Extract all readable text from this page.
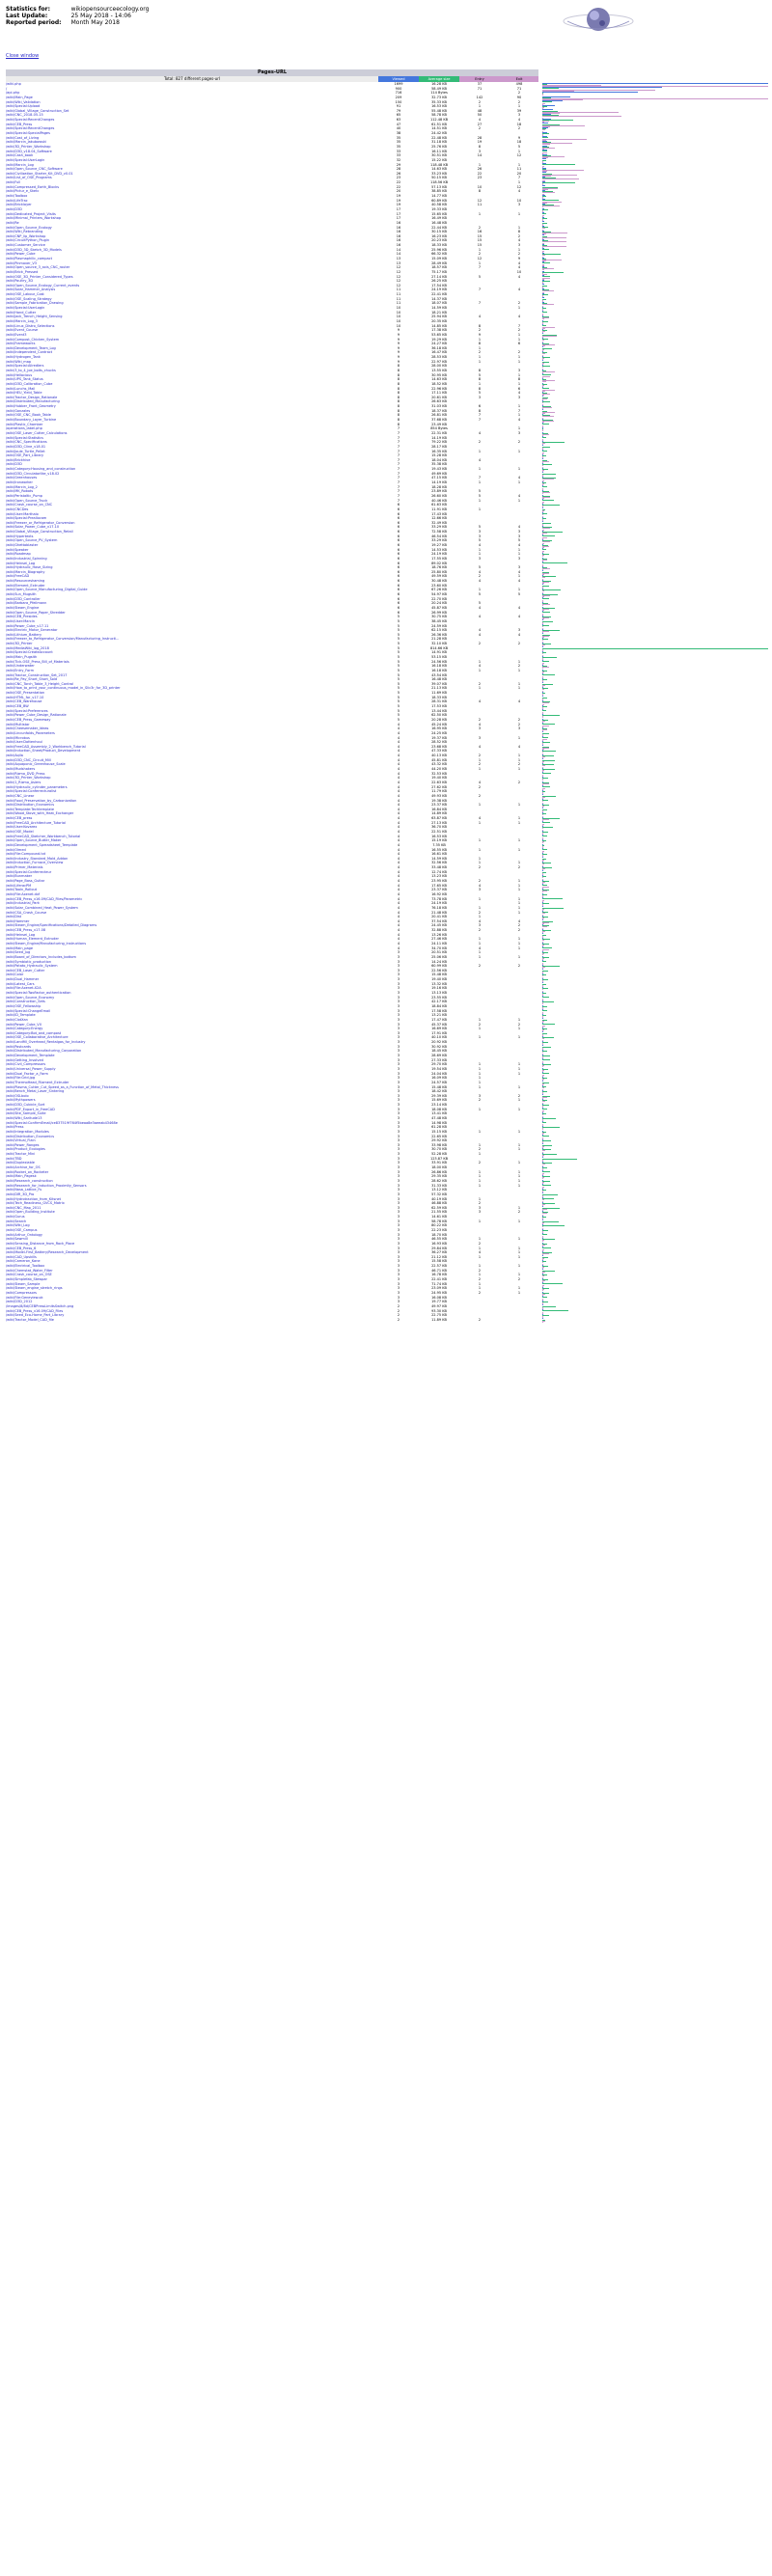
Statistics for:	wikiopensourceecology.org
Last Update:	25 May 2018 - 14:06
Reported period:	Month May 2018
Close window
Pages-URL
Total: 827 different pages-url	Viewed	Average size	Entry	Exit
/wiki.php	1699	16.28 KB	37	498
/	900	58.49 KB	71	71
/api.php	716	114 Bytes	2
/wiki/Main_Page	209	32.73 KB	142	90
/wiki/Wiki_Validation	150	35.33 KB	2	2
/wiki/Special:Upload	91	16.53 KB	1	1
/wiki/Global_Village_Construction_Set	79	55.48 KB	48	39
/wiki/CNC_2018-05-15	65	58.78 KB	50	3
/wiki/Special:RecentChanges	63	112.48 KB	4	4
/wiki/CEB_Press	47	61.51 KB	27	18
/wiki/Special:RecentChanges	40	14.51 KB	2	2
/wiki/Special:SpecialPages	38	24.42 KB
/wiki/Cost_of_Living	35	22.48 KB	28	9
/wiki/Marcin_Jakubowski	35	31.18 KB	19	18
/wiki/3D_Printer_Workshop	35	25.76 KB	8	5
/wiki/D3D_v18.04_Software	33	16.11 KB	3	1
/wiki/Cash_book	33	30.51 KB	14	12
/wiki/Special:UserLogin	32	15.22 KB
/wiki/Marcin_Log	29	118.48 KB	1	1
/wiki/Open_Source_CNC_Software	28	14.63 KB	26	11
/wiki/Civilization_Starter_Kit_DVD_v0.01	26	33.23 KB	22	20
/wiki/List_of_OSE_Programs	23	50.15 KB	23	7
/wiki/Full	22	118.56 KB	1
/wiki/Compressed_Earth_Blocks	22	57.13 KB	10	12
/wiki/Pictur_e_Sketc	20	38.85 KB	8	4
/wiki/Toolbox	19	14.77 KB
/wiki/LifeTrac	19	60.89 KB	12	10
/wiki/Bricklayer	19	40.58 KB	11	3
/wiki/D3D	17	19.33 KB
/wiki/Dedicated_Project_Visits	17	15.65 KB	1	1
/wiki/Minimal_Printers_Workshop	17	16.49 KB
/wiki/Re	16	16.48 KB
/wiki/Open_Source_Ecology	16	22.44 KB	2	1
/wiki/Wiki_Rebranding	16	30.15 KB	16	8
/wiki/CNP_lip_Workshop	16	16.23 KB	15	2
/wiki/CircuitPython_Plugin	16	20.23 KB	15	4
/wiki/Customer_Service	16	18.33 KB	15	3
/wiki/D3D_3D_Sketch_3D_Models	14	25.96 KB	1	1
/wiki/Power_Cube	14	66.32 KB	2	2
/wiki/Plasmaphilic_compact	13	15.09 KB	12	9
/wiki/Pinmover_V3	13	28.49 KB	1	4
/wiki/Open_source_3_axis_CNC_router	12	18.57 KB	7	4
/wiki/Brick_Pressed	12	75.17 KB	10
/wiki/OSE_3D_Printer_Considered_Types	12	27.14 KB	5	4
/wiki/Poultry_3D	12	26.25 KB
/wiki/Open_Source_Ecology_Current_events	12	17.54 KB
/wiki/Solar_Hammer_Analysis	11	24.19 KB	7	4
/wiki/OSE_Labour_Cost	11	22.41 KB
/wiki/OSE_Scaling_Strategy	11	14.37 KB
/wiki/Sample_Fabrication_Drawing	11	18.07 KB	7	2
/wiki/Special:UserLogin	10	14.59 KB	1
/wiki/Hand_Cutter	10	18.21 KB
/wiki/Jack_Trench_Height_Sensing	10	25.94 KB	4	4
/wiki/Marcin_Log_3	10	20.35 KB
/wiki/Linux_Distro_Selections	10	14.85 KB	8	7
/wiki/Event_Course	9	17.38 KB	2	2
/wiki/Event3	9	53.65 KB	9	1
/wiki/Compost_Chicken_System	9	19.29 KB	1	1
/wiki/Frameworks	9	24.27 KB	8	6
/wiki/Development_Team_Log	9	36.18 KB	1
/wiki/Independent_Contract	9	16.47 KB	2	2
/wiki/Hydrogen_Tank	9	28.53 KB	1	1
/wiki/Wiki_map	9	22.97 KB	1	1
/wiki/Special:Allredlers	8	28.00 KB
/wiki/3_to_4_joe_bolts_chucks	8	13.55 KB	8	3
/wiki/Hellacious	8	30.95 KB	5	1
/wiki/UPS_Tank_Status	8	14.63 KB	8	8
/wiki/D3D_Calibration_Cube	8	18.52 KB	1	1
/wiki/Lunchs_Mail	8	22.96 KB	8	6
/wiki/HEU_Yield_Table	8	17.11 KB	5	4
/wiki/Tractor_Design_Rationale	8	20.61 KB	3	3
/wiki/Distributed_Manufacturing	8	26.63 KB
/wiki/Hubber_Front_Geometry	8	31.03 KB	6	1
/wiki/Gonzales	8	18.37 KB	8	7
/wiki/OSE_CNC_Book_Table	8	26.81 KB	7	1
/wiki/Boundary_Layer_Turbine	8	37.68 KB	7	4
/wiki/Plastic_Chamber	8	23.49 KB
/operations_label.php	7	854 Bytes	1
/wiki/OSE_Laser_Cutter_Calculations	7	22.31 KB	4	3
/wiki/Special:Statistics	7	14.19 KB
/wiki/CNC_Specifications	7	79.22 KB	2	2
/wiki/D3D_Cline_v18.01	7	28.17 KB
/wiki/Joule_Turtle_Pellet	7	16.35 KB	1	1
/wiki/OSE_Part_Library	7	15.28 KB
/wiki/Brickhive	7	18.04 KB	4
/wiki/D3D	7	35.38 KB
/wiki/Category:Housing_and_construction	7	19.43 KB	1	1
/wiki/D3D_Circulatorlike_v18.02	7	49.69 KB
/wiki/Greenhouses	7	47.15 KB	7	4
/wiki/Ironworker	7	14.19 KB	1	1
/wiki/Marcin_Log_2	7	18.28 KB
/wiki/MK_Robots	7	23.89 KB	5
/wiki/Peristaltic_Pump	7	26.60 KB	5	4
/wiki/Open_Source_Truck	7	40.46 KB	1	1
/wiki/Crash_course_on_CNC	6	61.63 KB
/wiki/CNCDes	6	11.91 KB	1
/wiki/User:Marthalo	6	17.43 KB
/wiki/Special:Preallocam	6	12.66 KB
/wiki/Freezer_or_Refrigerator_Conversion	6	32.49 KB
/wiki/Solar_Power_Cube_v17.10	6	33.29 KB	5	4
/wiki/Global_Village_Construction_Retail	6	72.58 KB	3	3
/wiki/Hypertexts	6	46.54 KB	3	3
/wiki/Open_Source_PV_System	6	33.29 KB	5	5
/wiki/Ghettoblaster	6	19.27 KB	4	4
/wiki/Speaker	6	14.53 KB	1	1
/wiki/Roadmap	6	24.19 KB	1	1
/wiki/Industrial_Spinning	6	17.55 KB	3	3
/wiki/Heinsei_Log	6	89.02 KB
/wiki/Hydraulic_Hose_Sizing	6	18.76 KB	5	3
/wiki/Marcin_Biography	6	25.80 KB	4	4
/wiki/FreeCAD	6	49.59 KB	2	1
/wiki/Resourceshaming	6	30.48 KB	4	4
/wiki/Element_Extruder	6	23.60 KB
/wiki/Open_Source_Manufacturing_Digital_Guide	6	67.26 KB	1	1
/wiki/Sun_Mugsith	6	54.97 KB	5	5
/wiki/D3D_Controller	6	22.70 KB
/wiki/Barbara_Pfeilmann	6	20.24 KB	5
/wiki/Steam_Engine	6	45.87 KB	4	4
/wiki/Open_Source_Paper_Shredder	6	26.99 KB
/wiki/CEB_Presides	5	30.75 KB	4	4
/wiki/User:Marcin	5	38.45 KB
/wiki/Power_Cube_v17.11	5	24.59 KB
/wiki/Electric_Motor_Generator	5	62.15 KB	4	3
/wiki/Lithium_Battery	5	26.36 KB	4	4
/wiki/Freezer_to_Refrigerator_Conversion/Manufacturing_Instructi...	5	21.28 KB
/wiki/3D_Printer	5	32.10 KB	2	2
/wiki/MediaWiki_log_2018	5	814.66 KB
/wiki/Special:CreateAccount	5	14.91 KB
/wiki/Main_Pugsith	5	53.15 KB
/wiki/Tick-OSE_Press_Bill_of_Materials	5	24.56 KB	1	1
/wiki/Underwater	5	16.18 KB	4	2
/wiki/Entry_Form	5	16.18 KB	1	1
/wiki/Tractor_Construction_Set_2017	5	43.54 KB
/wiki/Re_Pay_Short_Short_Sold	5	16.48 KB
/wiki/CNC_Torch_Table_3_Height_Control	5	39.07 KB	2	1
/wiki/How_to_print_your_continuous_model_in_Slic3r_for_3D_printer	5	21.13 KB	1	1
/wiki/OSE_Presentation	5	11.69 KB
/wiki/HTML_for_v17.10	5	18.33 KB
/wiki/CEB_Warehouse	5	28.31 KB	4	4
/wiki/CEB_BW	5	17.53 KB
/wiki/Special:Preferences	5	13.44 KB
/wiki/Power_Cube_Design_Rationale	5	62.50 KB
/wiki/CEB_Press_Gameway	5	20.28 KB	2	2
/wiki/Multistar	4	45.24 KB	4	2
/wiki/Cheesemaker_Ideas	4	16.95 KB	3	3
/wiki/Lincunfolds_Parameters	4	24.25 KB
/wiki/Microbus	4	19.37 KB	3	1
/wiki/User:Dottenhoul	4	28.52 KB
/wiki/FreeCAD_Assembly_2_Workbench_Tutorial	4	23.68 KB	4	4
/wiki/Induction_Sheet/Product_Development	4	47.33 KB
/wiki/Aqila	4	40.13 KB	2	1
/wiki/D3D_CNC_Circuit_Mill	4	45.81 KB	1	1
/wiki/Aquaponic_Greenhouse_Scale	4	43.32 KB	2	2
/wiki/Mudshakers	4	44.20 KB	1	1
/wiki/Rizmo_DVD_Press	4	32.53 KB
/wiki/3D_Printer_Workshop	4	19.40 KB
/wiki/1_Rizmo_Asiers	4	22.63 KB	4	2
/wiki/Hydraulic_cylinder_parameters	4	27.62 KB	2
/wiki/Special:Conferrecturalist	4	11.79 KB
/wiki/CNC_Linear	4	49.93 KB	2
/wiki/Food_Preservation_by_Carbonization	4	19.38 KB
/wiki/Distribution_Economics	4	23.37 KB	1	1
/wiki/Template:Techtemplate	4	16.84 KB
/wiki/Wood_Stove_with_Heat_Exchanger	4	14.89 KB
/wiki/CEB_press	4	63.87 KB	4	1
/wiki/FreeCAD_Architecture_Tutorial	4	27.13 KB	1	1
/wiki/User:Kovarex	4	36.70 KB
/wiki/OSE_Model	4	22.51 KB
/wiki/FreeCAD_Sketcher_Workbench_Tutorial	4	16.53 KB
/wiki/Open_Source_Butter_Maker	4	15.19 KB	1	1
/wiki/Development_Spreadsheet_Template	4	7.35 KB
/wiki/Olmed	4	16.55 KB	1	1
/wiki/File:Compound.txt	4	16.61 KB
/wiki/Industry_Standard_Mold_Addon	4	14.59 KB	1
/wiki/Induction_Furnace_Overview	4	32.56 KB	1	1
/wiki/Primer_Materials	4	33.48 KB	2	2
/wiki/Special:Conferrecteur	4	12.74 KB
/wiki/Bunmaker	4	13.23 KB
/wiki/Page_Bass_Guitar	4	23.95 KB	2	1
/wiki/LiferacPM	4	17.65 KB	4	1
/wiki/Tooln_Rollout	4	23.37 KB	3	1
/wiki/File:Axenet.dxf	4	16.92 KB
/wiki/CEB_Press_v16.09/CAD_Files/Parametric	4	73.78 KB	1	1
/wiki/Industrial_Park	4	24.19 KB	1
/wiki/Solar_Combined_Heat_Power_System	4	76.18 KB	1	1
/wiki/CSA_Crash_Course	4	21.48 KB	2	1
/wiki/Dist	4	20.41 KB	1
/wiki/Hammer	4	37.54 KB	4	4
/wiki/Steam_Engine/Specifications/Detailed_Diagrams	4	24.45 KB	3	2
/wiki/CEB_Press_v17.08	4	32.88 KB	2	2
/wiki/Heinsei_Log	4	13.26 KB
/wiki/Human_Element_Extruder	4	27.46 KB	1	1
/wiki/Steam_Engine/Manufacturing_Instructions	4	24.11 KB	1	1
/wiki/Main_page	4	34.70 KB	4	1
/wiki/Seed_Jug	3	20.51 KB	1
/wiki/Board_of_Directors_Includes_bottom	3	25.06 KB	1	1
/wiki/Symbiotic_production	3	14.24 KB
/wiki/Potato_Hydraulic_System	3	60.99 KB	2	2
/wiki/CEB_Laser_Cutter	3	22.56 KB
/wiki/Color	3	15.48 KB
/wiki/Dual_Hammer	3	19.40 KB
/wiki/Latest_Cars	3	13.32 KB
/wiki/File:Axenet-X2A	3	19.16 KB
/wiki/Special:TwoFactor_authentication	3	13.13 KB
/wiki/Open_Source_Economy	3	23.55 KB
/wiki/Construction_Sets	3	42.17 KB
/wiki/OSE_Fellowship	3	18.84 KB
/wiki/Special:ChangeEmail	3	17.58 KB
/wiki/ID_Template	3	13.21 KB
/wiki/ClotXan	3	17.47 KB	1	1
/wiki/Power_Cube_VII	3	45.37 KB	2	2
/wiki/Category:Energy	3	16.69 KB	1	1
/wiki/Category:Bot_and_compost	3	17.91 KB
/wiki/OSE_Collaborative_Architecture	3	40.10 KB	1	1
/wiki/Landfill_Overhead_Rentalgas_for_Industry	3	20.92 KB
/wiki/Postcards	3	30.92 KB
/wiki/Distributed_Manufacturing_Corporation	3	18.45 KB
/wiki/Development_Template	3	28.69 KB
/wiki/Getting_Involved	3	27.33 KB
/wiki/Civil_Compressors	3	29.70 KB	1	1
/wiki/Universal_Power_Supply	3	19.54 KB	1	1
/wiki/Dual_Factor_a_Farm	3	24.04 KB	1	1
/wiki/File:Grid.jpg	3	16.09 KB	1
/wiki/ThermoHead_Filament_Extruder	3	24.57 KB	1
/wiki/Plasma_Cutter_Cut_Speed_as_a_Function_of_Metal_Thickness	3	15.48 KB	1	1
/wiki/Bench_Metal_Laser_Sintering	3	18.42 KB
/wiki/OSLbolo	3	29.39 KB	3	2
/wiki/Mythpowers	3	15.69 KB	2	1
/wiki/D3D_Cubicle_Sort	3	23.14 KB
/wiki/PDF_Export_in_FreeCAD	3	18.08 KB	1	1
/wiki/Site_Sample_Suite	3	13.41 KB
/wiki/Wiki_Saritude13	3	47.48 KB
/wiki/Special:ConfirmEmail/ce837519f764f5beaa8e3aeeab43468e	3	14.98 KB
/wiki/Press	3	61.28 KB
/wiki/Integration_Modules	3	15.15 KB	1	1
/wiki/Distribution_Economics	3	22.65 KB
/wiki/Virtual_Flain	3	29.92 KB
/wiki/Power_Ranges	3	33.98 KB	1	1
/wiki/Product_Ecologies	3	30.70 KB	2	1
/wiki/Tractor_Mini	3	52.28 KB	1
/wiki/TBD	3	123.87 KB
/wiki/Duplexiable	3	33.91 KB	2	1
/wiki/Archive_for_OS	3	18.00 KB
/wiki/Rocket_on_Rocketer	3	26.86 KB	1	1
/wiki/Main_Pagesk	3	29.35 KB	1	1
/wiki/Research_construction	3	28.62 KB	1	1
/wiki/Research_for_Induction_Proximity_Sensors	3	31.33 KB	1	1
/wiki/Nasa_Lattice_Fu	3	13.12 KB
/wiki/DIR_3D_Pro	3	57.32 KB
/wiki/Hydrotraction_from_Kitsnet	3	40.19 KB	1
/wiki/Tech_Readiness_GVCS_Matrix	3	46.88 KB	2
/wiki/CNC_Map_2011	3	62.59 KB	3	1
/wiki/Open_Building_Institute	3	21.55 KB	3	2
/wiki/Gurus	3	14.61 KB
/wiki/Search	3	58.78 KB	1	1
/wiki/Wiki_Log	3	80.22 KB
/wiki/OSE_Campus	3	22.23 KB
/wiki/Arthur_Ontology	3	18.70 KB
/wiki/Sawmill	3	46.55 KB	1	1
/wiki/Sensing_Distance_from_Rock_Place	3	16.93 KB	2
/wiki/CEB_Press_6	3	29.84 KB	1	1
/wiki/Model-First_Battery/Research_Development	3	36.27 KB	4	1
/wiki/CAD_Upskills	3	21.12 KB	1	1
/wiki/Cameron_Kane	3	15.58 KB
/wiki/Electrical_Toolbox	3	22.57 KB	1	1
/wiki/Chemstat_Water_Filter	3	46.71 KB	2
/wiki/Crash_course_on_OSE	3	16.78 KB	1	1
/wiki/Simplefab_Stewpar	3	22.41 KB	2	2
/wiki/Steam_Sample	3	71.74 KB	1
/wiki/Steam_engine_stretch_rings	3	23.09 KB	1	1
/wiki/Compressors	3	24.95 KB	2	1
/wiki/File:Geneview.ok	3	16.08 KB
/wiki/D3D_2012	3	19.77 KB
/images/8/8d/CEBPressLimitsSwitch.png	2	49.97 KB
/wiki/CEB_Press_v16.09/CAD_Files	2	93.30 KB
/wiki/Seed_Eco-Home_Part_Library	2	22.75 KB
/wiki/Tractor_Model_CAD_file	2	11.89 KB	2
